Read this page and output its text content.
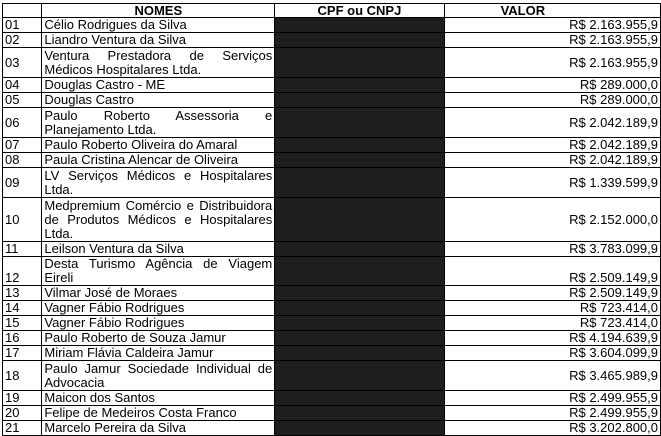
	NOMES	CPF ou CNPJ	VALOR
01	Célio Rodrigues da Silva		R$ 2.163.955,9
02	Liandro Ventura da Silva		R$ 2.163.955,9
03	Ventura Prestadora de Serviços Médicos Hospitalares Ltda.		R$ 2.163.955,9
04	Douglas Castro - ME		R$ 289.000,0
05	Douglas Castro		R$ 289.000,0
06	Paulo Roberto Assessoria e Planejamento Ltda.		R$ 2.042.189,9
07	Paulo Roberto Oliveira do Amaral		R$ 2.042.189,9
08	Paula Cristina Alencar de Oliveira		R$ 2.042.189,9
09	LV Serviços Médicos e Hospitalares Ltda.		R$ 1.339.599,9
10	Medpremium Comércio e Distribuidora de Produtos Médicos e Hospitalares Ltda.		R$ 2.152.000,0
11	Leilson Ventura da Silva		R$ 3.783.099,9
12	Desta Turismo Agência de Viagem Eireli		R$ 2.509.149,9
13	Vilmar José de Moraes		R$ 2.509.149,9
14	Vagner Fábio Rodrigues		R$ 723.414,0
15	Vagner Fábio Rodrigues		R$ 723.414,0
16	Paulo Roberto de Souza Jamur		R$ 4.194.639,9
17	Miriam Flávia Caldeira Jamur		R$ 3.604.099,9
18	Paulo Jamur Sociedade Individual de Advocacia		R$ 3.465.989,9
19	Maicon dos Santos		R$ 2.499.955,9
20	Felipe de Medeiros Costa Franco		R$ 2.499.955,9
21	Marcelo Pereira da Silva		R$ 3.202.800,0
